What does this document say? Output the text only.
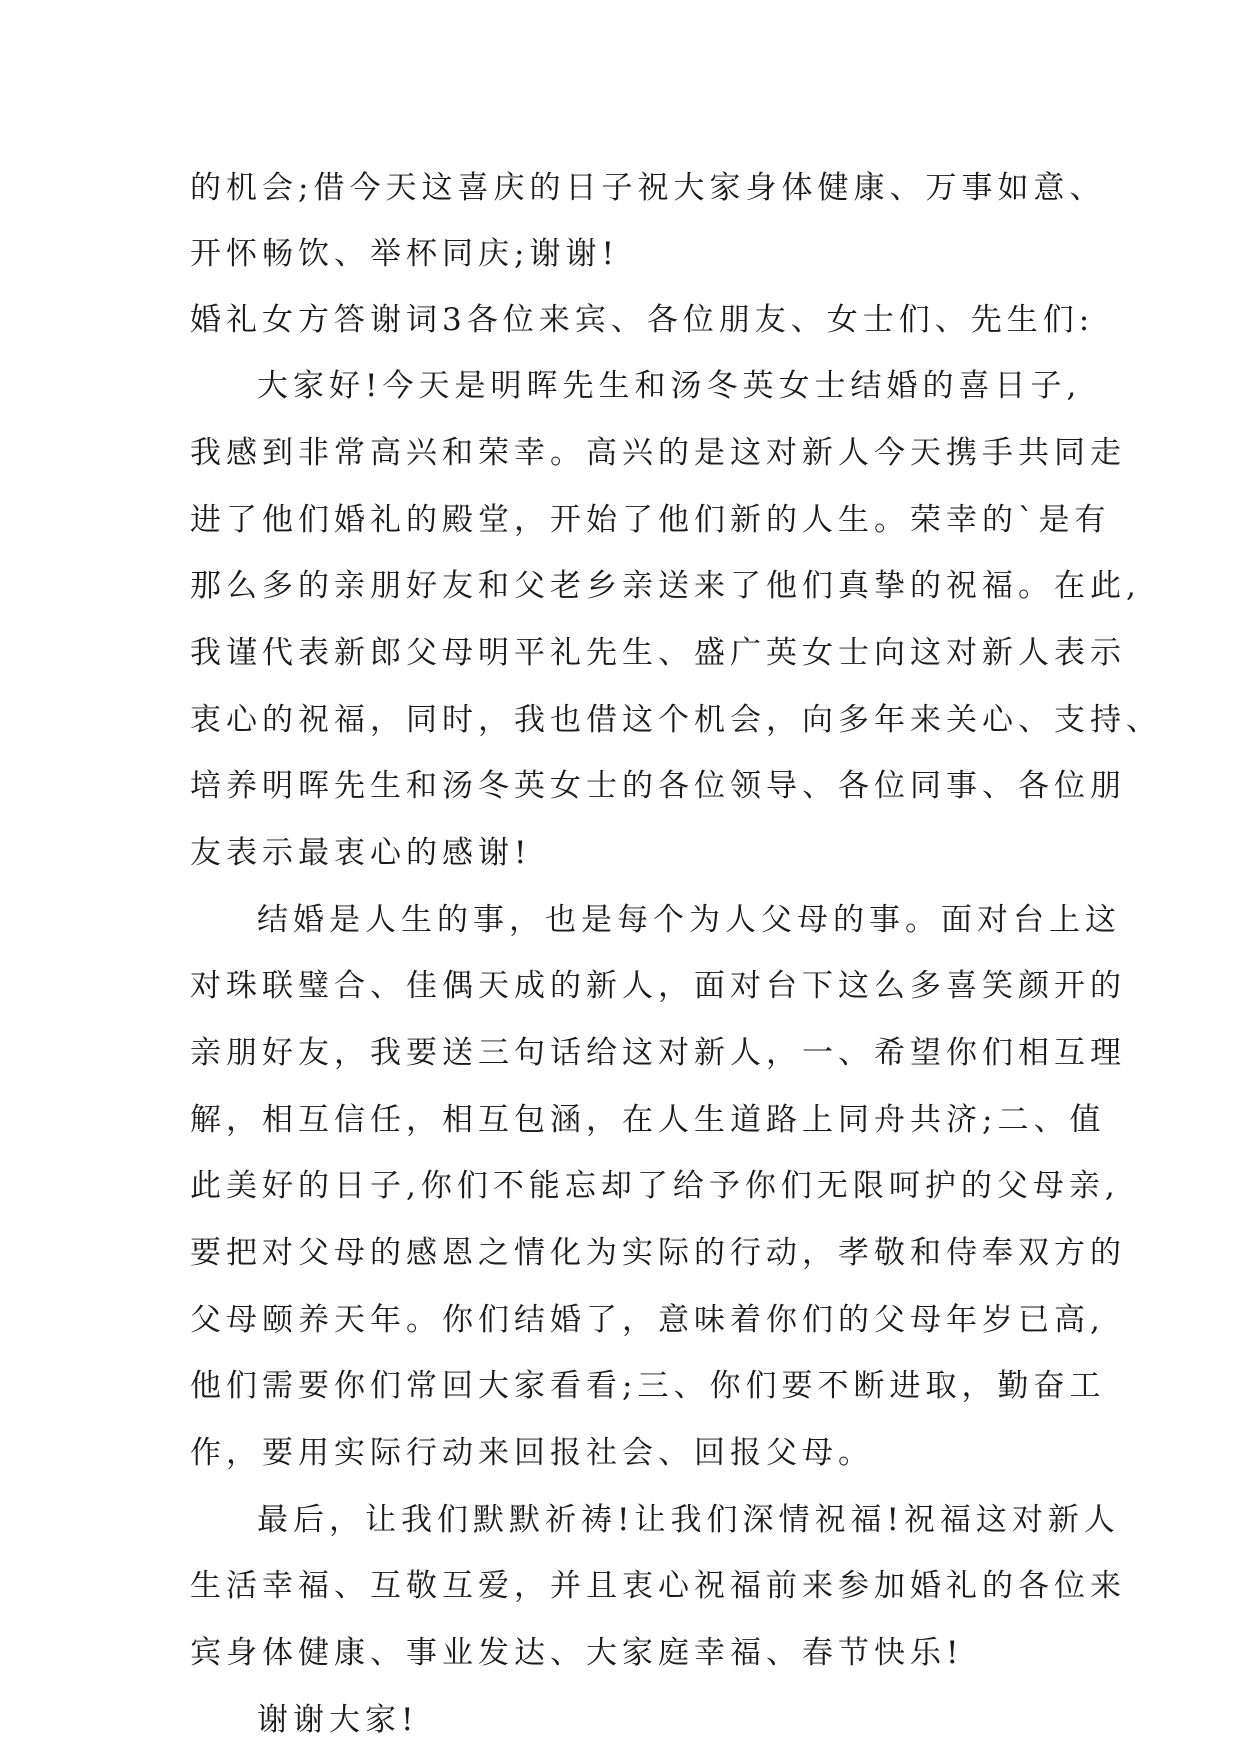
的机会;借今天这喜庆的日子祝大家身体健康、万事如意、
开怀畅饮、举杯同庆;谢谢!
婚礼女方答谢词3各位来宾、各位朋友、女士们、先生们:
大家好!今天是明晖先生和汤冬英女士结婚的喜日子,
我感到非常高兴和荣幸。高兴的是这对新人今天携手共同走
进了他们婚礼的殿堂，开始了他们新的人生。荣幸的`是有
那么多的亲朋好友和父老乡亲送来了他们真挚的祝福。在此,
我谨代表新郎父母明平礼先生、盛广英女士向这对新人表示
衷心的祝福，同时，我也借这个机会，向多年来关心、支持、
培养明晖先生和汤冬英女士的各位领导、各位同事、各位朋
友表示最衷心的感谢!
结婚是人生的事，也是每个为人父母的事。面对台上这
对珠联璧合、佳偶天成的新人，面对台下这么多喜笑颜开的
亲朋好友，我要送三句话给这对新人，一、希望你们相互理
解，相互信任，相互包涵，在人生道路上同舟共济;二、值
此美好的日子,你们不能忘却了给予你们无限呵护的父母亲,
要把对父母的感恩之情化为实际的行动，孝敬和侍奉双方的
父母颐养天年。你们结婚了，意味着你们的父母年岁已高,
他们需要你们常回大家看看;三、你们要不断进取，勤奋工
作，要用实际行动来回报社会、回报父母。
最后，让我们默默祈祷!让我们深情祝福!祝福这对新人
生活幸福、互敬互爱，并且衷心祝福前来参加婚礼的各位来
宾身体健康、事业发达、大家庭幸福、春节快乐!
谢谢大家!
